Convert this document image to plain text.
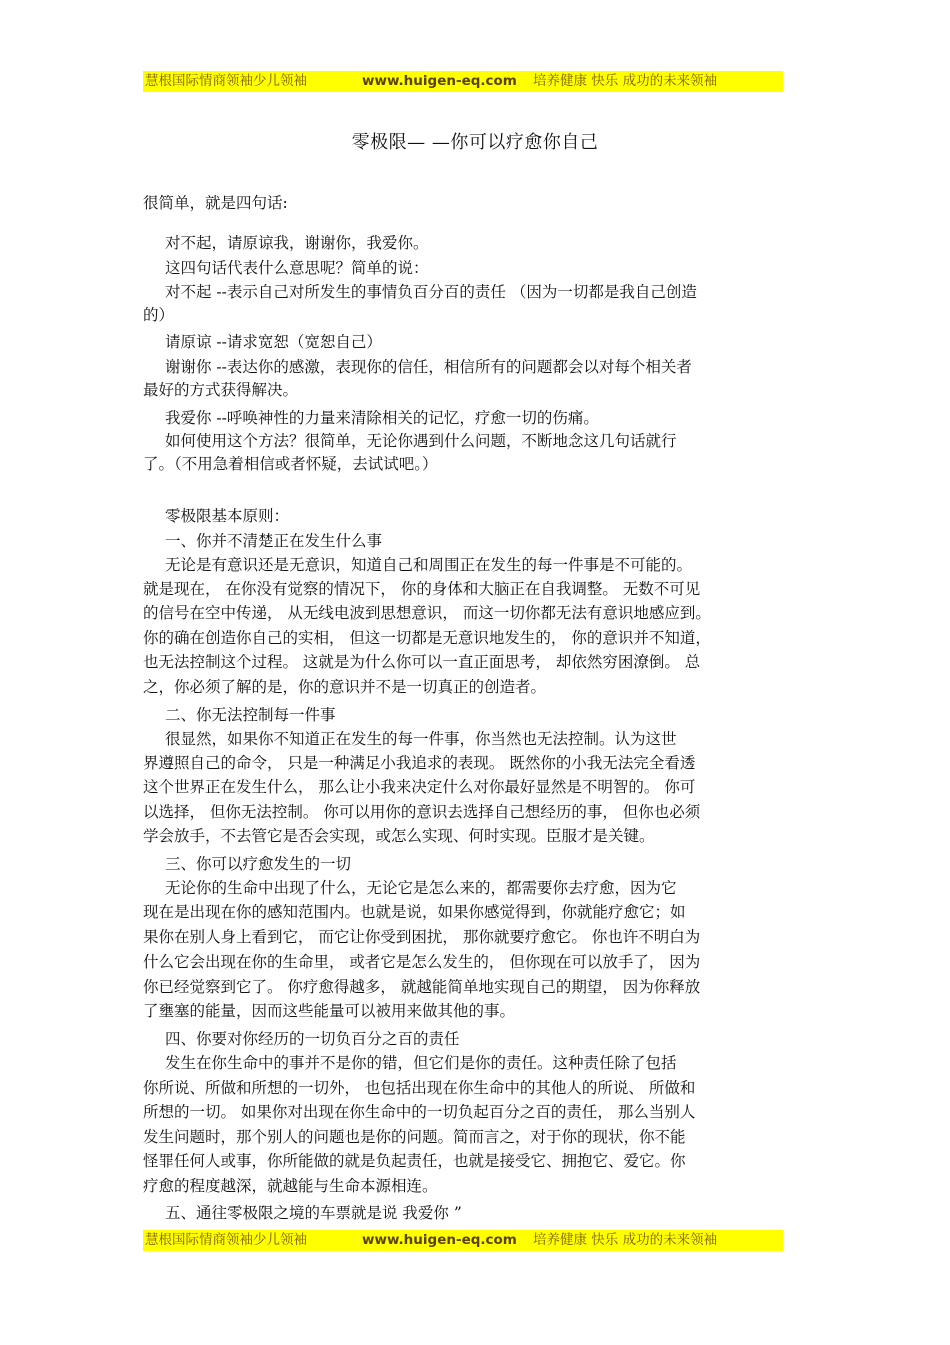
慧根国际情商领袖少儿领袖	www.huigen-eq.com 培养健康 快乐 成功的未来领袖
零极限— —你可以疗愈你自己
很简单，就是四句话:
对不起，请原谅我，谢谢你，我爱你。
这四句话代表什么意思呢？简单的说：
对不起 --表示自己对所发生的事情负百分百的责任 （因为一切都是我自己创造
的）
请原谅 --请求宽恕（宽恕自己）
谢谢你 --表达你的感激，表现你的信任，相信所有的问题都会以对每个相关者
最好的方式获得解决。
我爱你 --呼唤神性的力量来清除相关的记忆，疗愈一切的伤痛。
如何使用这个方法？很简单，无论你遇到什么问题，不断地念这几句话就行
了。（不用急着相信或者怀疑，去试试吧。）
零极限基本原则：
一、你并不清楚正在发生什么事
无论是有意识还是无意识，知道自己和周围正在发生的每一件事是不可能的。
就是现在， 在你没有觉察的情况下， 你的身体和大脑正在自我调整。 无数不可见
的信号在空中传递， 从无线电波到思想意识， 而这一切你都无法有意识地感应到。
你的确在创造你自己的实相， 但这一切都是无意识地发生的， 你的意识并不知道，
也无法控制这个过程。 这就是为什么你可以一直正面思考， 却依然穷困潦倒。 总
之，你必须了解的是，你的意识并不是一切真正的创造者。
二、你无法控制每一件事
很显然，如果你不知道正在发生的每一件事，你当然也无法控制。认为这世
界遵照自己的命令， 只是一种满足小我追求的表现。 既然你的小我无法完全看透
这个世界正在发生什么， 那么让小我来决定什么对你最好显然是不明智的。 你可
以选择， 但你无法控制。 你可以用你的意识去选择自己想经历的事， 但你也必须
学会放手，不去管它是否会实现，或怎么实现、何时实现。臣服才是关键。
三、你可以疗愈发生的一切
无论你的生命中出现了什么，无论它是怎么来的，都需要你去疗愈，因为它
现在是出现在你的感知范围内。也就是说，如果你感觉得到，你就能疗愈它；如
果你在别人身上看到它， 而它让你受到困扰， 那你就要疗愈它。 你也许不明白为
什么它会出现在你的生命里， 或者它是怎么发生的， 但你现在可以放手了， 因为
你已经觉察到它了。 你疗愈得越多， 就越能简单地实现自己的期望， 因为你释放
了壅塞的能量，因而这些能量可以被用来做其他的事。
四、你要对你经历的一切负百分之百的责任
发生在你生命中的事并不是你的错，但它们是你的责任。这种责任除了包括
你所说、所做和所想的一切外， 也包括出现在你生命中的其他人的所说、 所做和
所想的一切。 如果你对出现在你生命中的一切负起百分之百的责任， 那么当别人
发生问题时，那个别人的问题也是你的问题。简而言之，对于你的现状，你不能
怪罪任何人或事，你所能做的就是负起责任，也就是接受它、拥抱它、爱它。你
疗愈的程度越深，就越能与生命本源相连。
五、通往零极限之境的车票就是说 我爱你 ”
慧根国际情商领袖少儿领袖	www.huigen-eq.com 培养健康 快乐 成功的未来领袖
